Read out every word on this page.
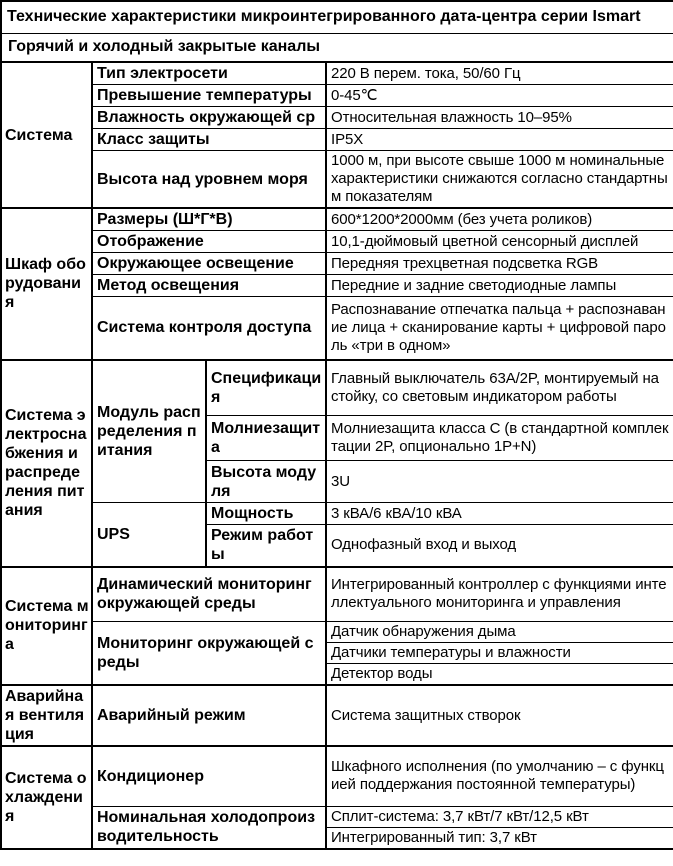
Технические характеристики микроинтегрированного дата-центра серии Ismart			
Горячий и холодный закрытые каналы			
Система	Тип электросети		220 В перем. тока, 50/60 Гц
	Превышение температуры		0-45℃
	Влажность окружающей ср		Относительная влажность 10–95%
	Класс защиты		IP5X
	Высота над уровнем моря		1000 м, при высоте свыше 1000 м номинальные характеристики снижаются согласно стандартным показателям
Шкаф оборудования	Размеры (Ш*Г*В)		600*1200*2000мм (без учета роликов)
	Отображение		10,1-дюймовый цветной сенсорный дисплей
	Окружающее освещение		Передняя трехцветная подсветка RGB
	Метод освещения		Передние и задние светодиодные лампы
	Система контроля доступа		Распознавание отпечатка пальца + распознавание лица + сканирование карты + цифровой пароль «три в одном»
Система электроснабжения и распределения питания	Модуль распределения питания	Спецификация	Главный выключатель 63A/2P, монтируемый на стойку, со световым индикатором работы
		Молниезащита	Молниезащита класса C (в стандартной комплектации 2P, опционально 1P+N)
		Высота модуля	3U
	UPS	Мощность	3 кВА/6 кВА/10 кВА
		Режим работы	Однофазный вход и выход
Система мониторинга	Динамический мониторинг окружающей среды		Интегрированный контроллер с функциями интеллектуального мониторинга и управления
	Мониторинг окружающей среды		Датчик обнаружения дыма
			Датчики температуры и влажности
			Детектор воды
Аварийная вентиляция	Аварийный режим		Система защитных створок
Система охлаждения	Кондиционер		Шкафного исполнения (по умолчанию – с функцией поддержания постоянной температуры)
	Номинальная холодопроизводительность		Сплит-система: 3,7 кВт/7 кВт/12,5 кВт
			Интегрированный тип: 3,7 кВт
